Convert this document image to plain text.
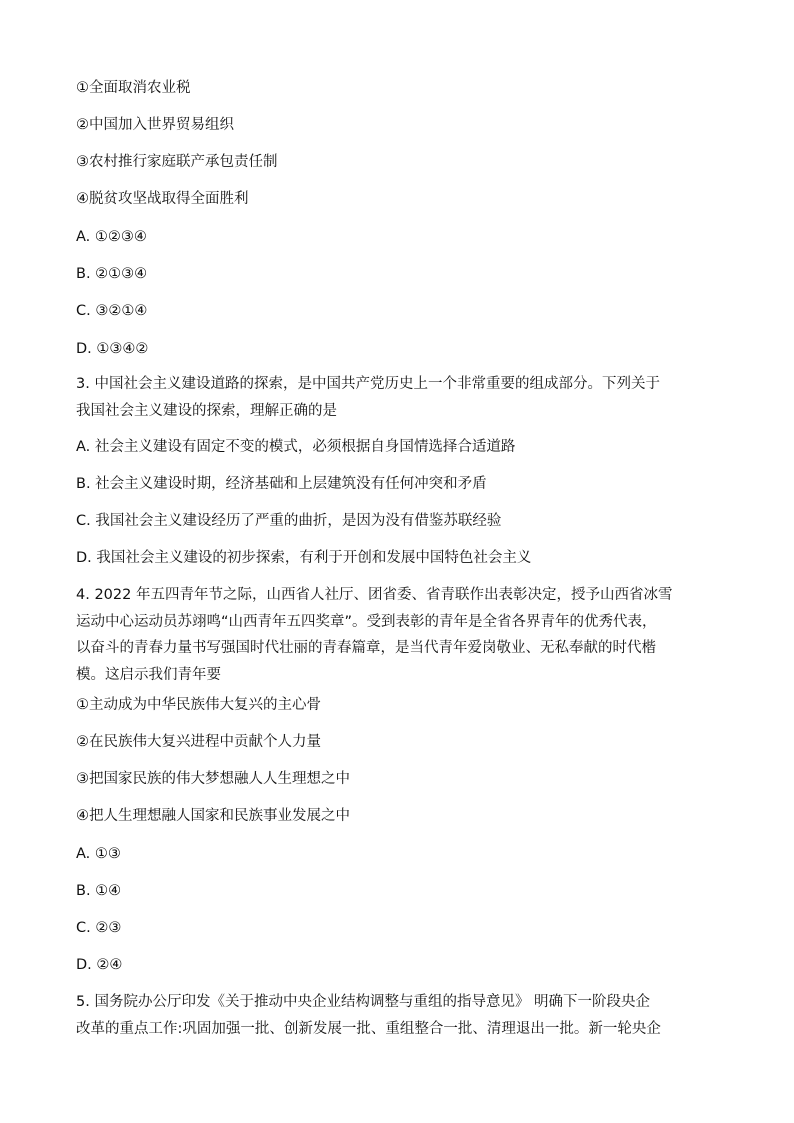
①全面取消农业税
②中国加入世界贸易组织
③农村推行家庭联产承包责任制
④脱贫攻坚战取得全面胜利
A. ①②③④
B. ②①③④
C. ③②①④
D. ①③④②
3. 中国社会主义建设道路的探索，是中国共产党历史上一个非常重要的组成部分。下列关于
我国社会主义建设的探索，理解正确的是
A. 社会主义建设有固定不变的模式，必须根据自身国情选择合适道路
B. 社会主义建设时期，经济基础和上层建筑没有任何冲突和矛盾
C. 我国社会主义建设经历了严重的曲折，是因为没有借鉴苏联经验
D. 我国社会主义建设的初步探索，有利于开创和发展中国特色社会主义
4. 2022 年五四青年节之际，山西省人社厅、团省委、省青联作出表彰决定，授予山西省冰雪
运动中心运动员苏翊鸣“山西青年五四奖章”。受到表彰的青年是全省各界青年的优秀代表，
以奋斗的青春力量书写强国时代壮丽的青春篇章，是当代青年爱岗敬业、无私奉献的时代楷
模。这启示我们青年要
①主动成为中华民族伟大复兴的主心骨
②在民族伟大复兴进程中贡献个人力量
③把国家民族的伟大梦想融人人生理想之中
④把人生理想融人国家和民族事业发展之中
A. ①③
B. ①④
C. ②③
D. ②④
5. 国务院办公厅印发《关于推动中央企业结构调整与重组的指导意见》 明确下一阶段央企
改革的重点工作:巩固加强一批、创新发展一批、重组整合一批、清理退出一批。新一轮央企
